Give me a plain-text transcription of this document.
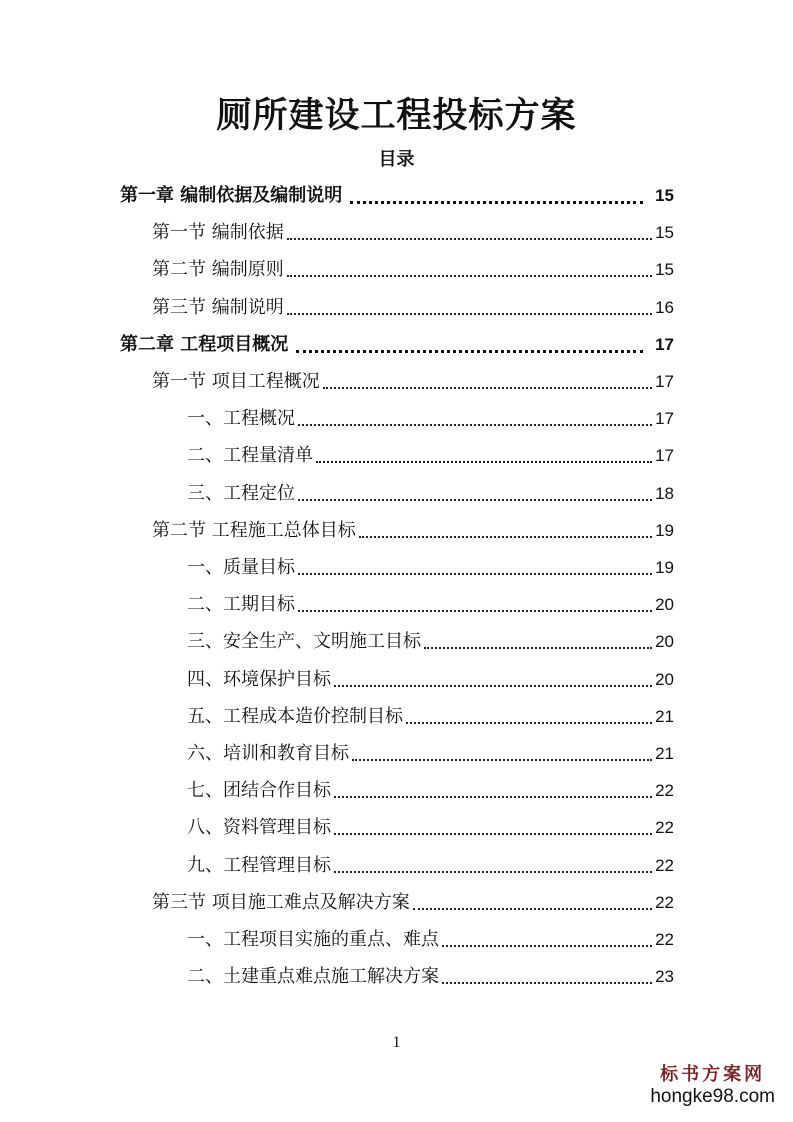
厕所建设工程投标方案
目录
第一章 编制依据及编制说明	15
第一节 编制依据	15
第二节 编制原则	15
第三节 编制说明	16
第二章 工程项目概况	17
第一节 项目工程概况	17
一、工程概况	17
二、工程量清单	17
三、工程定位	18
第二节 工程施工总体目标	19
一、质量目标	19
二、工期目标	20
三、安全生产、文明施工目标	20
四、环境保护目标	20
五、工程成本造价控制目标	21
六、培训和教育目标	21
七、团结合作目标	22
八、资料管理目标	22
九、工程管理目标	22
第三节 项目施工难点及解决方案	22
一、工程项目实施的重点、难点	22
二、土建重点难点施工解决方案	23
1
标书方案网
hongke98.com
